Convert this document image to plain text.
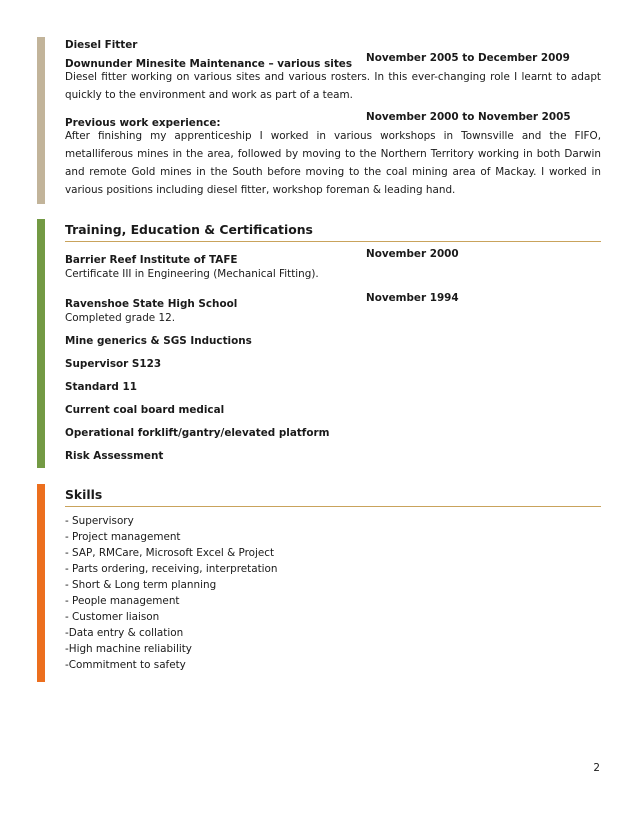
Diesel Fitter
Downunder Minesite Maintenance – various sites November 2005 to December 2009
Diesel fitter working on various sites and various rosters. In this ever-changing role I learnt to adapt quickly to the environment and work as part of a team.
Previous work experience:	November 2000 to November 2005
After finishing my apprenticeship I worked in various workshops in Townsville and the FIFO, metalliferous mines in the area, followed by moving to the Northern Territory working in both Darwin and remote Gold mines in the South before moving to the coal mining area of Mackay. I worked in various positions including diesel fitter, workshop foreman & leading hand.
Training, Education & Certifications
Barrier Reef Institute of TAFE	November 2000
Certificate III in Engineering (Mechanical Fitting).
Ravenshoe State High School	November 1994
Completed grade 12.
Mine generics & SGS Inductions
Supervisor S123
Standard 11
Current coal board medical
Operational forklift/gantry/elevated platform
Risk Assessment
Skills
- Supervisory
- Project management
- SAP, RMCare, Microsoft Excel & Project
- Parts ordering, receiving, interpretation
- Short & Long term planning
- People management
- Customer liaison
-Data entry & collation
-High machine reliability
-Commitment to safety
2
